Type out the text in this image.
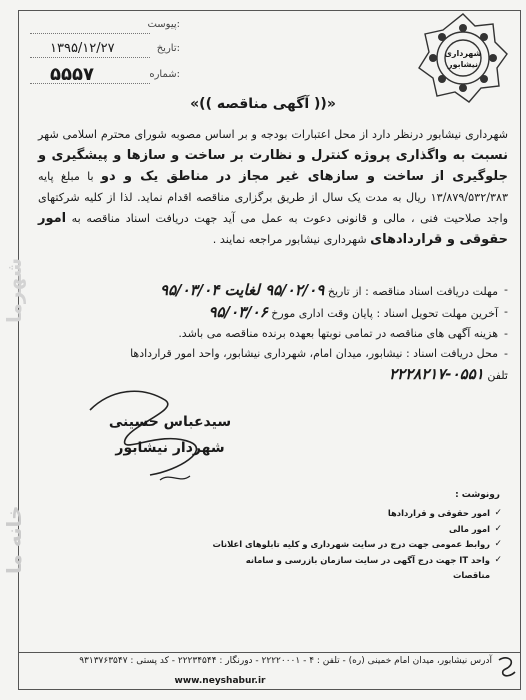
پیوست:
تاریخ:
۱۳۹۵/۱۲/۲۷
شماره:
۵۵۵۷
شهرداری
نیشابور
«(( آگهی مناقصه ))»

شهرداری نیشابور درنظر دارد از محل اعتبارات بودجه و بر اساس مصوبه شورای محترم اسلامی شهر نسبت به واگذاری پروژه کنترل و نظارت بر ساخت و سازها و پیشگیری و جلوگیری از ساخت و سازهای غیر مجاز در مناطق یک و دو با مبلغ پایه ۱۳/۸۷۹/۵۳۲/۳۸۳ ریال به مدت یک سال از طریق برگزاری مناقصه اقدام نماید. لذا از کلیه شرکتهای واجد صلاحیت فنی ، مالی و قانونی دعوت به عمل می آید جهت دریافت اسناد مناقصه به امور حقوقی و قراردادهای شهرداری نیشابور مراجعه نمایند .

- مهلت دریافت اسناد مناقصه : از تاریخ ۹۵/۰۲/۰۹ لغایت ۹۵/۰۳/۰۴
- آخرین مهلت تحویل اسناد : پایان وقت اداری مورخ ۹۵/۰۳/۰۶
- هزینه آگهی های مناقصه در تمامی نوبتها بعهده برنده مناقصه می باشد.
- محل دریافت اسناد : نیشابور، میدان امام، شهرداری نیشابور، واحد امور قراردادها
- تلفن ۰۵۵۱-۲۲۲۸۲۱۷
سیدعباس حسینی
شهردار نیشابور
شهرما
خانه ما
رونوشت :
✓ امور حقوقی و قراردادها
✓ امور مالی
✓ روابط عمومی جهت درج در سایت شهرداری و کلیه تابلوهای اعلانات
✓ واحد IT جهت درج آگهی در سایت سازمان بازرسی و سامانه مناقصات
آدرس نیشابور، میدان امام خمینی (ره) - تلفن : ۴ - ۲۲۲۲۰۰۰۱ - دورنگار : ۲۲۲۳۴۵۴۴ - کد پستی : ۹۳۱۳۷۶۳۵۴۷
www.neyshabur.ir
